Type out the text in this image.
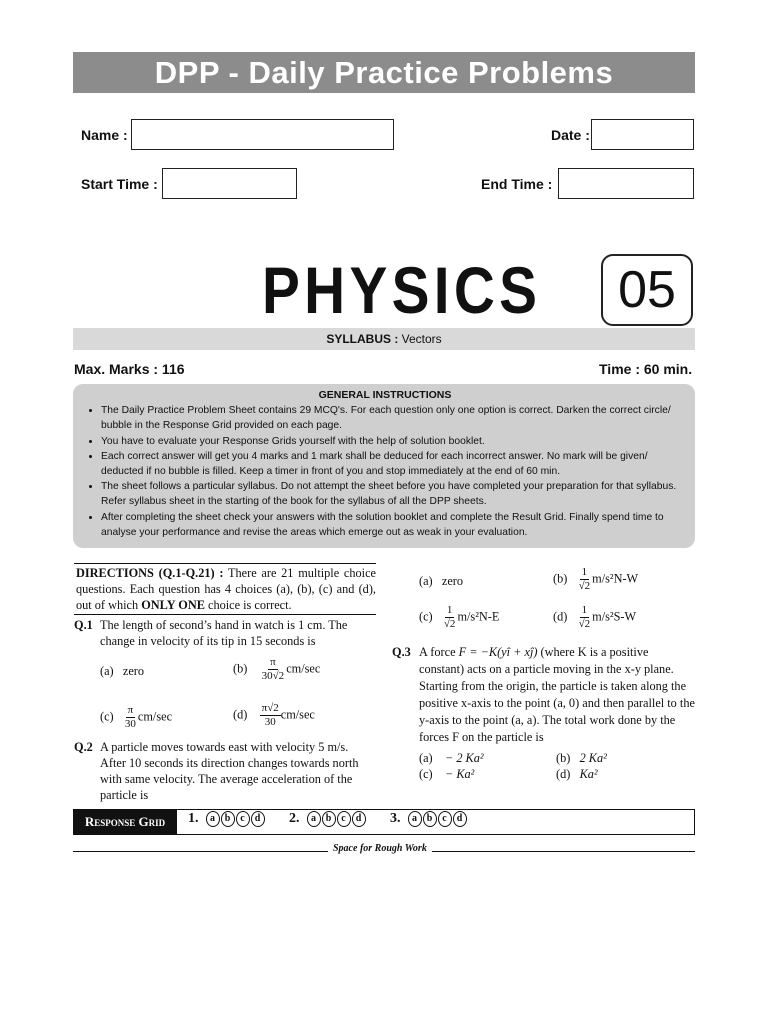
DPP - Daily Practice Problems
Name :	Date :
Start Time :	End Time :
PHYSICS	05
SYLLABUS : Vectors
Max. Marks : 116	Time : 60 min.
GENERAL INSTRUCTIONS
• The Daily Practice Problem Sheet contains 29 MCQ's. For each question only one option is correct. Darken the correct circle/ bubble in the Response Grid provided on each page.
• You have to evaluate your Response Grids yourself with the help of solution booklet.
• Each correct answer will get you 4 marks and 1 mark shall be deduced for each incorrect answer. No mark will be given/ deducted if no bubble is filled. Keep a timer in front of you and stop immediately at the end of 60 min.
• The sheet follows a particular syllabus. Do not attempt the sheet before you have completed your preparation for that syllabus. Refer syllabus sheet in the starting of the book for the syllabus of all the DPP sheets.
• After completing the sheet check your answers with the solution booklet and complete the Result Grid. Finally spend time to analyse your performance and revise the areas which emerge out as weak in your evaluation.
DIRECTIONS (Q.1-Q.21) : There are 21 multiple choice questions. Each question has 4 choices (a), (b), (c) and (d), out of which ONLY ONE choice is correct.
Q.1 The length of second’s hand in watch is 1 cm. The change in velocity of its tip in 15 seconds is
(a) zero	$(b) \frac{\pi}{30√2} cm/\sec$
$(c) \frac{\pi}{30} cm/\sec$	$(d) \frac{\pi√2}{30} cm/\sec$
Q.2 A particle moves towards east with velocity 5 m/s. After 10 seconds its direction changes towards north with same velocity. The average acceleration of the particle is
(a) zero	$(b) \frac{1}{√2} m/s^2N-W$
$(c) \frac{1}{√2} m/s^2N-E$	$(d) \frac{1}{√2} m/s^2S-W$
Q.3 A force F = −K(yî + xĵ) (where K is a positive constant) acts on a particle moving in the x-y plane. Starting from the origin, the particle is taken along the positive x-axis to the point (a, 0) and then parallel to the y-axis to the point (a, a). The total work done by the forces F on the particle is
(a) − 2 Ka²	(b) 2 Ka²
(c) − Ka²	(d) Ka²
Response Grid	1. a b c d	2. a b c d	3. a b c d
Space for Rough Work
